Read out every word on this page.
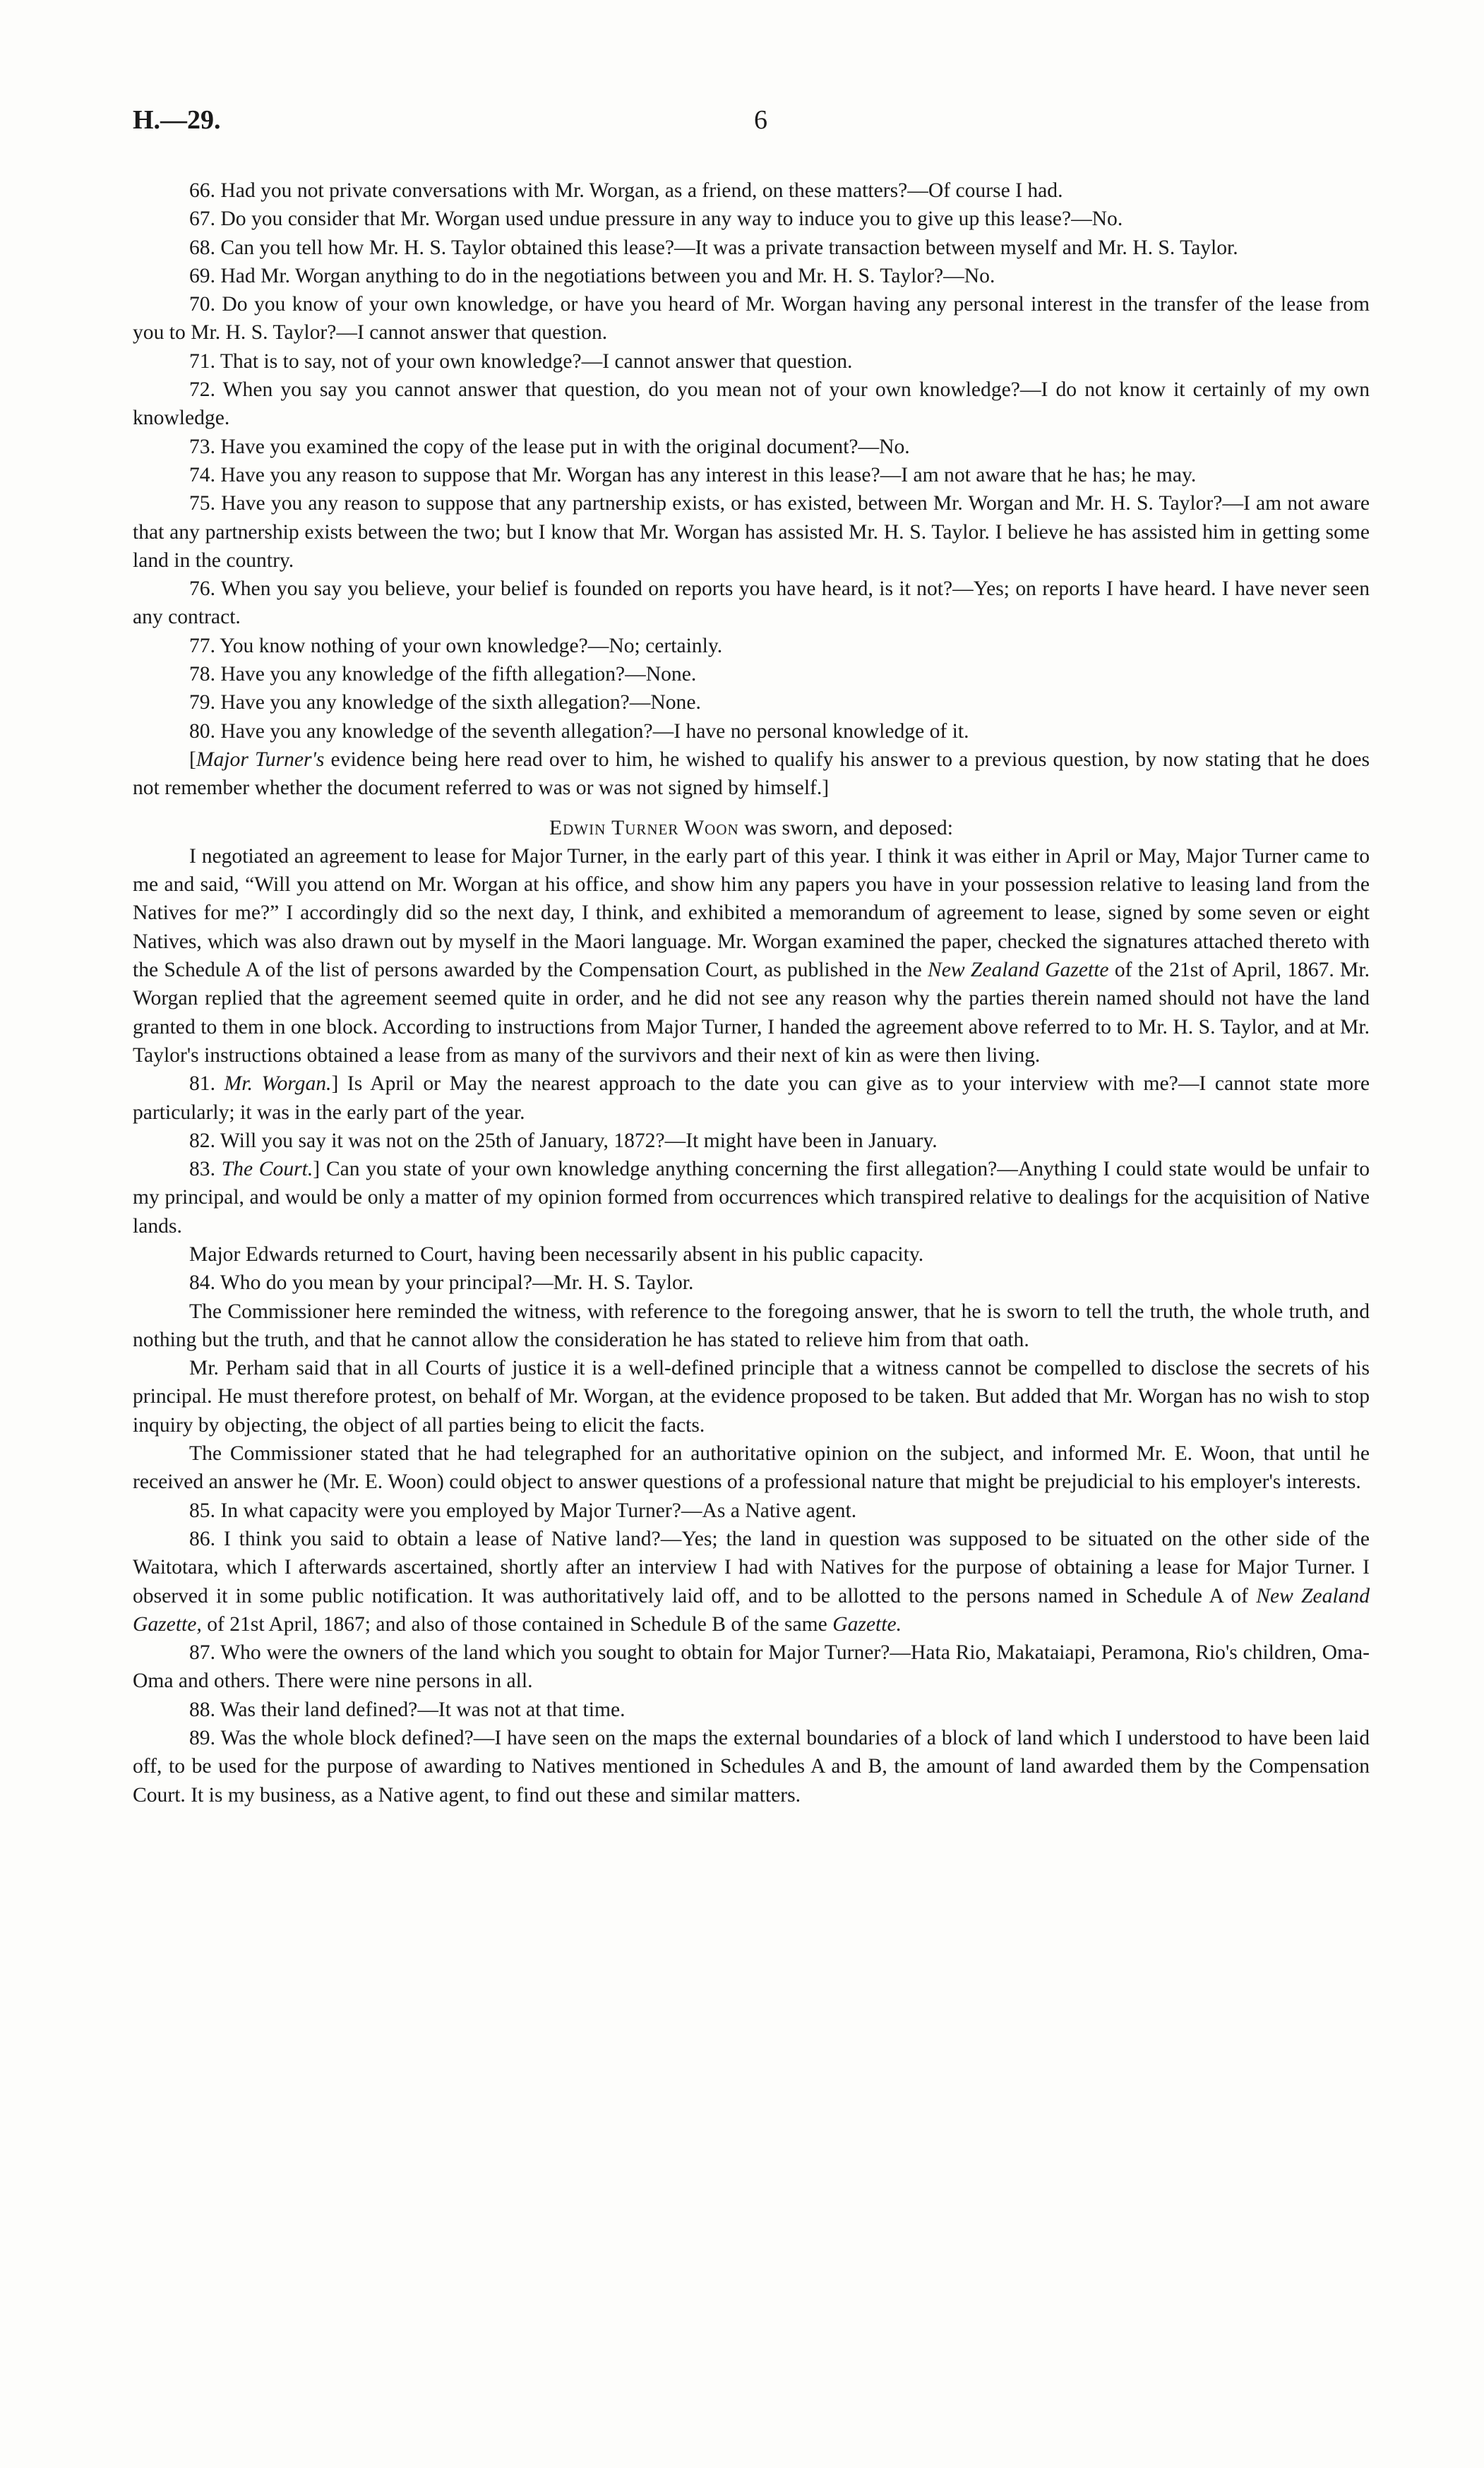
H.—29.	6

66. Had you not private conversations with Mr. Worgan, as a friend, on these matters?—Of course I had.

67. Do you consider that Mr. Worgan used undue pressure in any way to induce you to give up this lease?—No.

68. Can you tell how Mr. H. S. Taylor obtained this lease?—It was a private transaction between myself and Mr. H. S. Taylor.

69. Had Mr. Worgan anything to do in the negotiations between you and Mr. H. S. Taylor?—No.

70. Do you know of your own knowledge, or have you heard of Mr. Worgan having any personal interest in the transfer of the lease from you to Mr. H. S. Taylor?—I cannot answer that question.

71. That is to say, not of your own knowledge?—I cannot answer that question.

72. When you say you cannot answer that question, do you mean not of your own knowledge?—I do not know it certainly of my own knowledge.

73. Have you examined the copy of the lease put in with the original document?—No.

74. Have you any reason to suppose that Mr. Worgan has any interest in this lease?—I am not aware that he has; he may.

75. Have you any reason to suppose that any partnership exists, or has existed, between Mr. Worgan and Mr. H. S. Taylor?—I am not aware that any partnership exists between the two; but I know that Mr. Worgan has assisted Mr. H. S. Taylor. I believe he has assisted him in getting some land in the country.

76. When you say you believe, your belief is founded on reports you have heard, is it not?—Yes; on reports I have heard. I have never seen any contract.

77. You know nothing of your own knowledge?—No; certainly.

78. Have you any knowledge of the fifth allegation?—None.

79. Have you any knowledge of the sixth allegation?—None.

80. Have you any knowledge of the seventh allegation?—I have no personal knowledge of it.

[Major Turner's evidence being here read over to him, he wished to qualify his answer to a previous question, by now stating that he does not remember whether the document referred to was or was not signed by himself.]

Edwin Turner Woon was sworn, and deposed:

I negotiated an agreement to lease for Major Turner, in the early part of this year. I think it was either in April or May, Major Turner came to me and said, “Will you attend on Mr. Worgan at his office, and show him any papers you have in your possession relative to leasing land from the Natives for me?” I accordingly did so the next day, I think, and exhibited a memorandum of agreement to lease, signed by some seven or eight Natives, which was also drawn out by myself in the Maori language. Mr. Worgan examined the paper, checked the signatures attached thereto with the Schedule A of the list of persons awarded by the Compensation Court, as published in the New Zealand Gazette of the 21st of April, 1867. Mr. Worgan replied that the agreement seemed quite in order, and he did not see any reason why the parties therein named should not have the land granted to them in one block. According to instructions from Major Turner, I handed the agreement above referred to to Mr. H. S. Taylor, and at Mr. Taylor's instructions obtained a lease from as many of the survivors and their next of kin as were then living.

81. Mr. Worgan.] Is April or May the nearest approach to the date you can give as to your interview with me?—I cannot state more particularly; it was in the early part of the year.

82. Will you say it was not on the 25th of January, 1872?—It might have been in January.

83. The Court.] Can you state of your own knowledge anything concerning the first allegation?—Anything I could state would be unfair to my principal, and would be only a matter of my opinion formed from occurrences which transpired relative to dealings for the acquisition of Native lands.

Major Edwards returned to Court, having been necessarily absent in his public capacity.

84. Who do you mean by your principal?—Mr. H. S. Taylor.

The Commissioner here reminded the witness, with reference to the foregoing answer, that he is sworn to tell the truth, the whole truth, and nothing but the truth, and that he cannot allow the consideration he has stated to relieve him from that oath.

Mr. Perham said that in all Courts of justice it is a well-defined principle that a witness cannot be compelled to disclose the secrets of his principal. He must therefore protest, on behalf of Mr. Worgan, at the evidence proposed to be taken. But added that Mr. Worgan has no wish to stop inquiry by objecting, the object of all parties being to elicit the facts.

The Commissioner stated that he had telegraphed for an authoritative opinion on the subject, and informed Mr. E. Woon, that until he received an answer he (Mr. E. Woon) could object to answer questions of a professional nature that might be prejudicial to his employer's interests.

85. In what capacity were you employed by Major Turner?—As a Native agent.

86. I think you said to obtain a lease of Native land?—Yes; the land in question was supposed to be situated on the other side of the Waitotara, which I afterwards ascertained, shortly after an interview I had with Natives for the purpose of obtaining a lease for Major Turner. I observed it in some public notification. It was authoritatively laid off, and to be allotted to the persons named in Schedule A of New Zealand Gazette, of 21st April, 1867; and also of those contained in Schedule B of the same Gazette.

87. Who were the owners of the land which you sought to obtain for Major Turner?—Hata Rio, Makataiapi, Peramona, Rio's children, Oma-Oma and others. There were nine persons in all.

88. Was their land defined?—It was not at that time.

89. Was the whole block defined?—I have seen on the maps the external boundaries of a block of land which I understood to have been laid off, to be used for the purpose of awarding to Natives mentioned in Schedules A and B, the amount of land awarded them by the Compensation Court. It is my business, as a Native agent, to find out these and similar matters.
